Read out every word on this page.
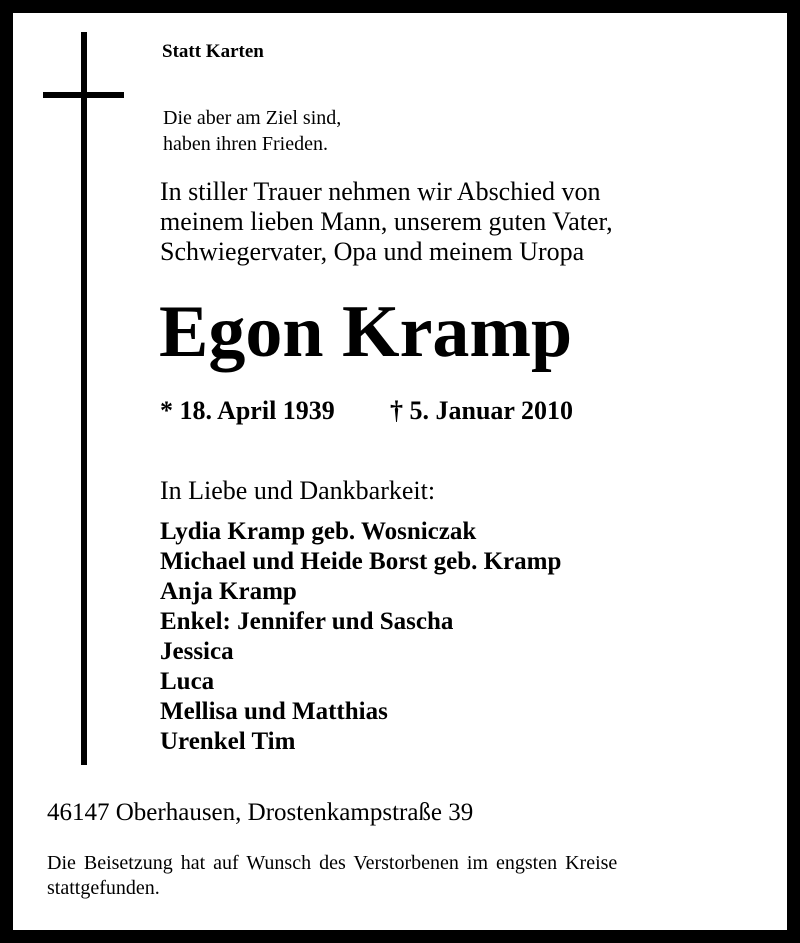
Statt Karten
Die aber am Ziel sind,
haben ihren Frieden.
In stiller Trauer nehmen wir Abschied von
meinem lieben Mann, unserem guten Vater,
Schwiegervater, Opa und meinem Uropa
Egon Kramp
* 18. April 1939 † 5. Januar 2010
In Liebe und Dankbarkeit:
Lydia Kramp geb. Wosniczak
Michael und Heide Borst geb. Kramp
Anja Kramp
Enkel: Jennifer und Sascha
Jessica
Luca
Mellisa und Matthias
Urenkel Tim
46147 Oberhausen, Drostenkampstraße 39
Die Beisetzung hat auf Wunsch des Verstorbenen im engsten Kreise
stattgefunden.
